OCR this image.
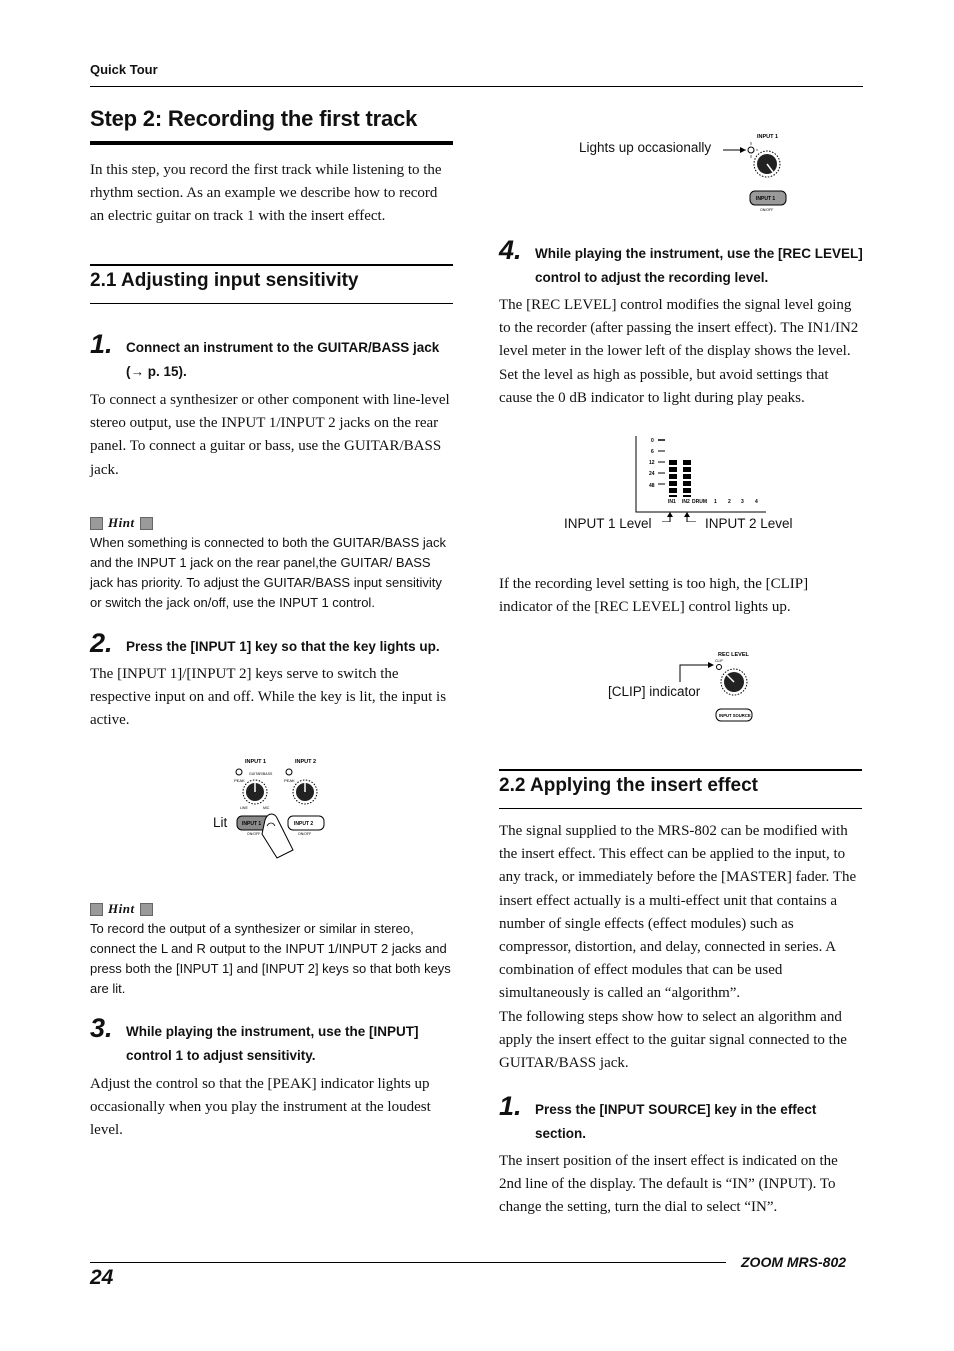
Quick Tour
Step 2: Recording the first track
In this step, you record the first track while listening to the rhythm section. As an example we describe how to record an electric guitar on track 1 with the insert effect.
2.1 Adjusting input sensitivity
1. Connect an instrument to the GUITAR/BASS jack (→ p. 15).
To connect a synthesizer or other component with line-level stereo output, use the INPUT 1/INPUT 2 jacks on the rear panel. To connect a guitar or bass, use the GUITAR/BASS jack.
Hint
When something is connected to both the GUITAR/BASS jack and the INPUT 1 jack on the rear panel,the GUITAR/ BASS jack has priority. To adjust the GUITAR/BASS input sensitivity or switch the jack on/off, use the INPUT 1 control.
2. Press the [INPUT 1] key so that the key lights up.
The [INPUT 1]/[INPUT 2] keys serve to switch the respective input on and off. While the key is lit, the input is active.
INPUT 1	INPUT 2
PEAK
GUITAR/BASS
LINE	MIC
PEAK
INPUT 1	INPUT 2
ON/OFF	ON/OFF
Lit
Hint
To record the output of a synthesizer or similar in stereo, connect the L and R output to the INPUT 1/INPUT 2 jacks and press both the [INPUT 1] and [INPUT 2] keys so that both keys are lit.
3. While playing the instrument, use the [INPUT] control 1 to adjust sensitivity.
Adjust the control so that the [PEAK] indicator lights up occasionally when you play the instrument at the loudest level.
Lights up occasionally
INPUT 1
INPUT 1
ON/OFF
4. While playing the instrument, use the [REC LEVEL] control to adjust the recording level.
The [REC LEVEL] control modifies the signal level going to the recorder (after passing the insert effect). The IN1/IN2 level meter in the lower left of the display shows the level. Set the level as high as possible, but avoid settings that cause the 0 dB indicator to light during play peaks.
0
6
12
24
48
IN1 IN2 DRUM 1 2 3 4
INPUT 1 Level	INPUT 2 Level
If the recording level setting is too high, the [CLIP] indicator of the [REC LEVEL] control lights up.
[CLIP] indicator
REC LEVEL
CLIP
INPUT SOURCE
2.2 Applying the insert effect
The signal supplied to the MRS-802 can be modified with the insert effect. This effect can be applied to the input, to any track, or immediately before the [MASTER] fader. The insert effect actually is a multi-effect unit that contains a number of single effects (effect modules) such as compressor, distortion, and delay, connected in series. A combination of effect modules that can be used simultaneously is called an “algorithm”.
The following steps show how to select an algorithm and apply the insert effect to the guitar signal connected to the GUITAR/BASS jack.
1. Press the [INPUT SOURCE] key in the effect section.
The insert position of the insert effect is indicated on the 2nd line of the display. The default is “IN” (INPUT). To change the setting, turn the dial to select “IN”.
ZOOM MRS-802
24
